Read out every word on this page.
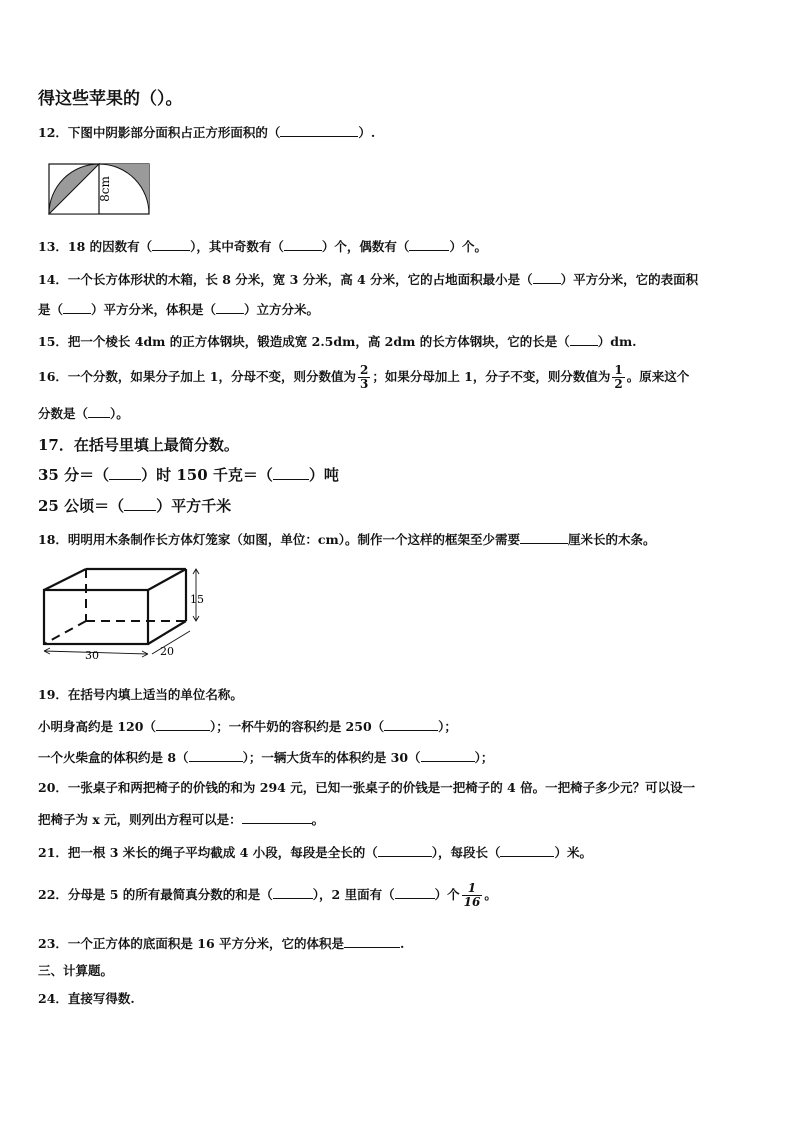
得这些苹果的（）。
12．下图中阴影部分面积占正方形面积的（	）.
8cm
13．18 的因数有（	），其中奇数有（	）个，偶数有（	）个。
14．一个长方体形状的木箱，长 8 分米，宽 3 分米，高 4 分米，它的占地面积最小是（ ）平方分米，它的表面积
是（ ）平方分米，体积是（ ）立方分米。
15．把一个棱长 4dm 的正方体钢块，锻造成宽 2.5dm，高 2dm 的长方体钢块，它的长是（ ）dm.
16．一个分数，如果分子加上 1，分母不变，则分数值为 $\frac{2}{3}$ ；如果分母加上 1，分子不变，则分数值为 $\frac{1}{2}$ 。原来这个
分数是（ ）。
17．在括号里填上最简分数。
35 分＝（ ）时 150 千克＝（ ）吨
25 公顷＝（ ）平方千米
18．明明用木条制作长方体灯笼家（如图，单位：cm）。制作一个这样的框架至少需要	厘米长的木条。
30	20
15
19．在括号内填上适当的单位名称。
小明身高约是 120（	）；一杯牛奶的容积约是 250（	）；
一个火柴盒的体积约是 8（	）；一辆大货车的体积约是 30（	）；
20．一张桌子和两把椅子的价钱的和为 294 元，已知一张桌子的价钱是一把椅子的 4 倍。一把椅子多少元？可以设一
把椅子为 x 元，则列出方程可以是：	。
21．把一根 3 米长的绳子平均截成 4 小段，每段是全长的（	），每段长（	）米。
22．分母是 5 的所有最简真分数的和是（	），2 里面有（	）个 $\frac{1}{16}$ 。
23．一个正方体的底面积是 16 平方分米，它的体积是	.
三、计算题。
24．直接写得数.
